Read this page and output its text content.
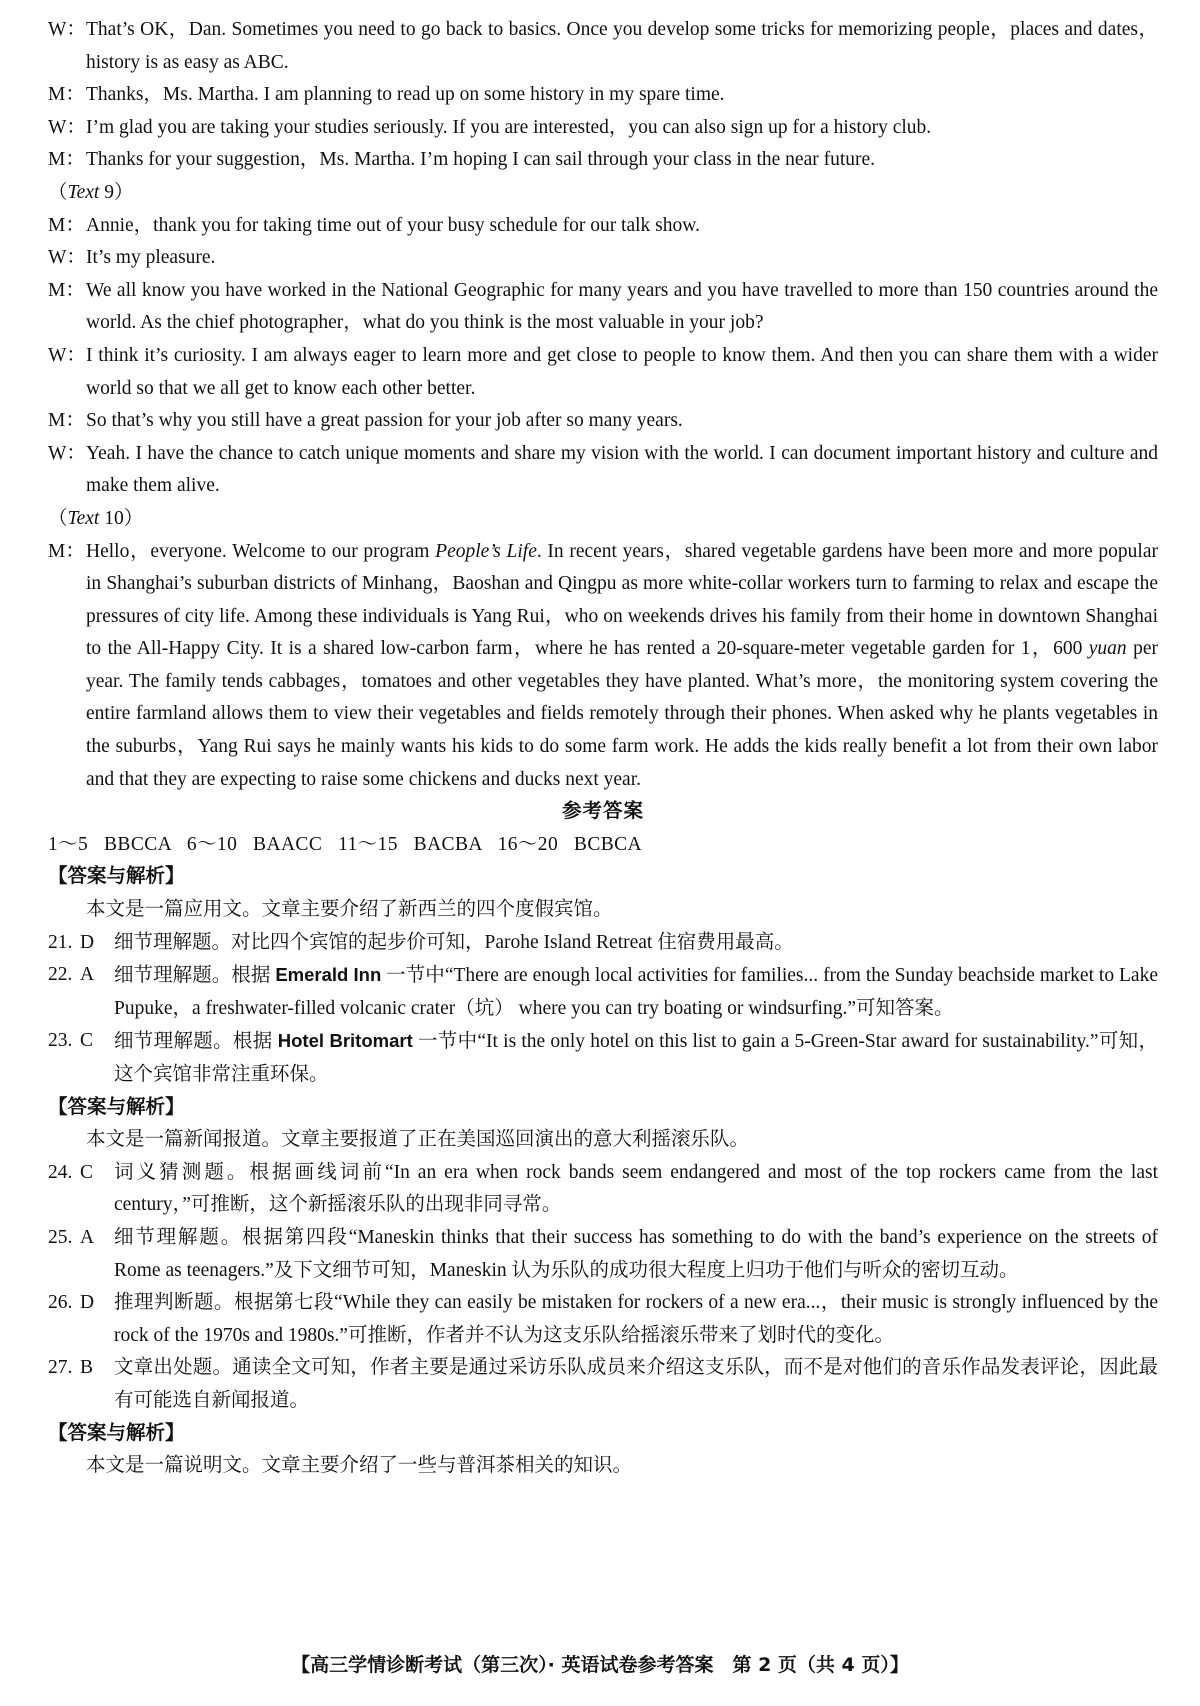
W： That’s OK，Dan. Sometimes you need to go back to basics. Once you develop some tricks for memorizing people，places and dates，history is as easy as ABC.
M： Thanks，Ms. Martha. I am planning to read up on some history in my spare time.
W： I’m glad you are taking your studies seriously. If you are interested，you can also sign up for a history club.
M： Thanks for your suggestion，Ms. Martha. I’m hoping I can sail through your class in the near future.
（Text 9）
M： Annie，thank you for taking time out of your busy schedule for our talk show.
W： It’s my pleasure.
M： We all know you have worked in the National Geographic for many years and you have travelled to more than 150 countries around the world. As the chief photographer，what do you think is the most valuable in your job?
W： I think it’s curiosity. I am always eager to learn more and get close to people to know them. And then you can share them with a wider world so that we all get to know each other better.
M： So that’s why you still have a great passion for your job after so many years.
W： Yeah. I have the chance to catch unique moments and share my vision with the world. I can document important history and culture and make them alive.
（Text 10）
M： Hello，everyone. Welcome to our program People’s Life. In recent years，shared vegetable gardens have been more and more popular in Shanghai’s suburban districts of Minhang，Baoshan and Qingpu as more white-collar workers turn to farming to relax and escape the pressures of city life. Among these individuals is Yang Rui，who on weekends drives his family from their home in downtown Shanghai to the All-Happy City. It is a shared low-carbon farm，where he has rented a 20-square-meter vegetable garden for 1，600 yuan per year. The family tends cabbages，tomatoes and other vegetables they have planted. What’s more，the monitoring system covering the entire farmland allows them to view their vegetables and fields remotely through their phones. When asked why he plants vegetables in the suburbs，Yang Rui says he mainly wants his kids to do some farm work. He adds the kids really benefit a lot from their own labor and that they are expecting to raise some chickens and ducks next year.
参考答案
1～5   BBCCA   6～10   BAACC   11～15   BACBA   16～20   BCBCA
【答案与解析】
本文是一篇应用文。文章主要介绍了新西兰的四个度假宾馆。
21. D	细节理解题。对比四个宾馆的起步价可知，Parohe Island Retreat 住宿费用最高。
22. A	细节理解题。根据 Emerald Inn 一节中“There are enough local activities for families... from the Sunday beachside market to Lake Pupuke，a freshwater-filled volcanic crater（坑） where you can try boating or windsurfing.”可知答案。
23. C	细节理解题。根据 Hotel Britomart 一节中“It is the only hotel on this list to gain a 5-Green-Star award for sustainability.”可知，这个宾馆非常注重环保。
【答案与解析】
本文是一篇新闻报道。文章主要报道了正在美国巡回演出的意大利摇滚乐队。
24. C	词义猜测题。根据画线词前“In an era when rock bands seem endangered and most of the top rockers came from the last century，”可推断，这个新摇滚乐队的出现非同寻常。
25. A	细节理解题。根据第四段“Maneskin thinks that their success has something to do with the band’s experience on the streets of Rome as teenagers.”及下文细节可知，Maneskin 认为乐队的成功很大程度上归功于他们与听众的密切互动。
26. D	推理判断题。根据第七段“While they can easily be mistaken for rockers of a new era...，their music is strongly influenced by the rock of the 1970s and 1980s.”可推断，作者并不认为这支乐队给摇滚乐带来了划时代的变化。
27. B	文章出处题。通读全文可知，作者主要是通过采访乐队成员来介绍这支乐队，而不是对他们的音乐作品发表评论，因此最有可能选自新闻报道。
【答案与解析】
本文是一篇说明文。文章主要介绍了一些与普洱茶相关的知识。
【高三学情诊断考试（第三次）· 英语试卷参考答案　第 2 页（共 4 页）】
